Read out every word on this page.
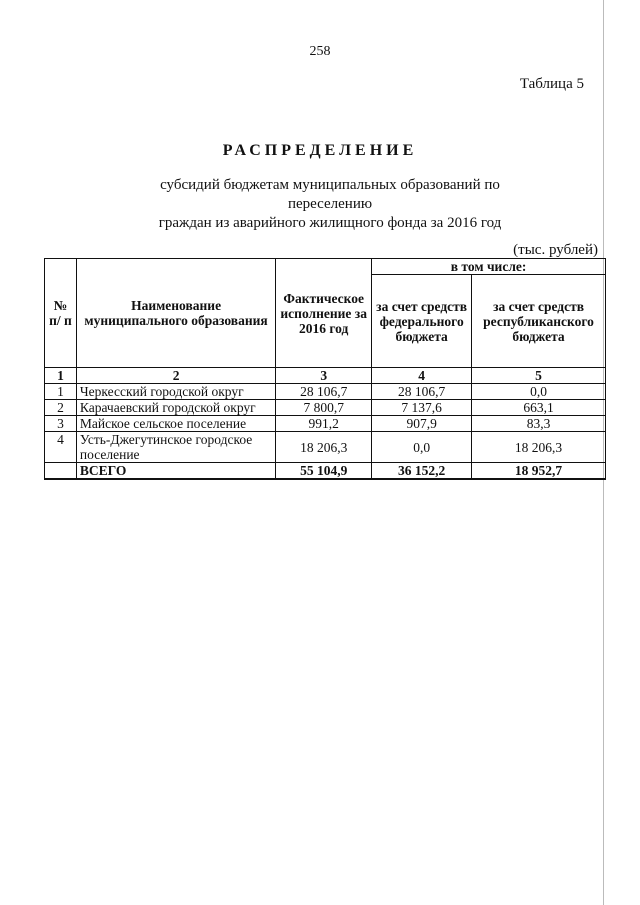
258
Таблица 5
РАСПРЕДЕЛЕНИЕ
субсидий бюджетам муниципальных образований по переселению
граждан из аварийного жилищного фонда за 2016 год
(тыс. рублей)
№ п/ п	Наименование муниципального образования	Фактическое исполнение за 2016 год	в том числе:	
			за счет средств федерального бюджета	за счет средств республиканского бюджета
1	2	3	4	5
1	Черкесский городской округ	28 106,7	28 106,7	0,0
2	Карачаевский городской округ	7 800,7	7 137,6	663,1
3	Майское сельское поселение	991,2	907,9	83,3
4	Усть-Джегутинское городское поселение	18 206,3	0,0	18 206,3
	ВСЕГО	55 104,9	36 152,2	18 952,7
